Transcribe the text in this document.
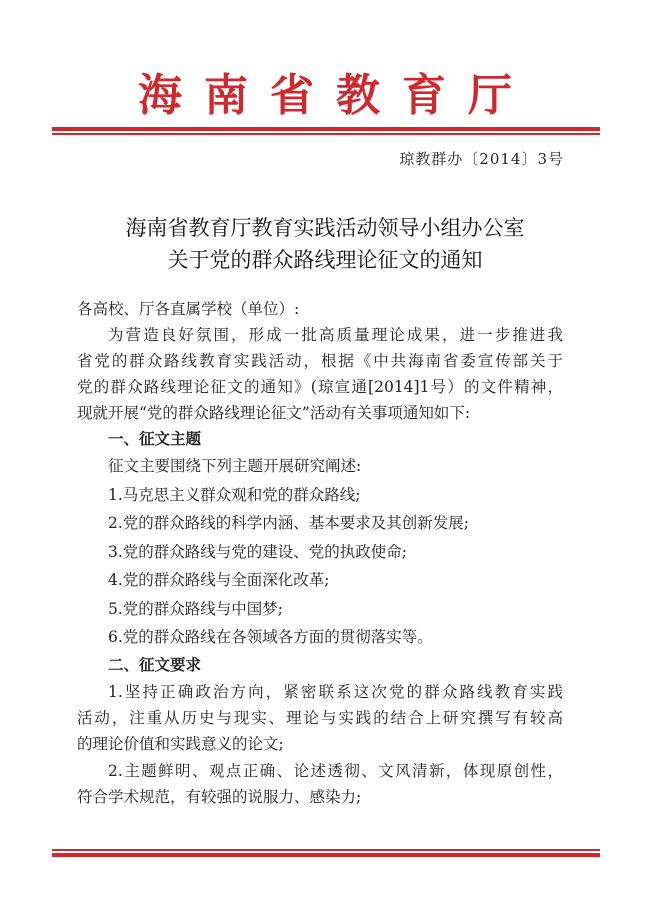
海南省教育厅
琼教群办〔2014〕3号
海南省教育厅教育实践活动领导小组办公室
关于党的群众路线理论征文的通知
各高校、厅各直属学校（单位）:
为营造良好氛围，形成一批高质量理论成果，进一步推进我
省党的群众路线教育实践活动，根据《中共海南省委宣传部关于
党的群众路线理论征文的通知》(琼宣通[2014]1号）的文件精神，
现就开展“党的群众路线理论征文”活动有关事项通知如下:
一、征文主题
征文主要围绕下列主题开展研究阐述:
1.马克思主义群众观和党的群众路线;
2.党的群众路线的科学内涵、基本要求及其创新发展;
3.党的群众路线与党的建设、党的执政使命;
4.党的群众路线与全面深化改革;
5.党的群众路线与中国梦;
6.党的群众路线在各领域各方面的贯彻落实等。
二、征文要求
1.坚持正确政治方向，紧密联系这次党的群众路线教育实践
活动，注重从历史与现实、理论与实践的结合上研究撰写有较高
的理论价值和实践意义的论文;
2.主题鲜明、观点正确、论述透彻、文风清新，体现原创性，
符合学术规范，有较强的说服力、感染力;
